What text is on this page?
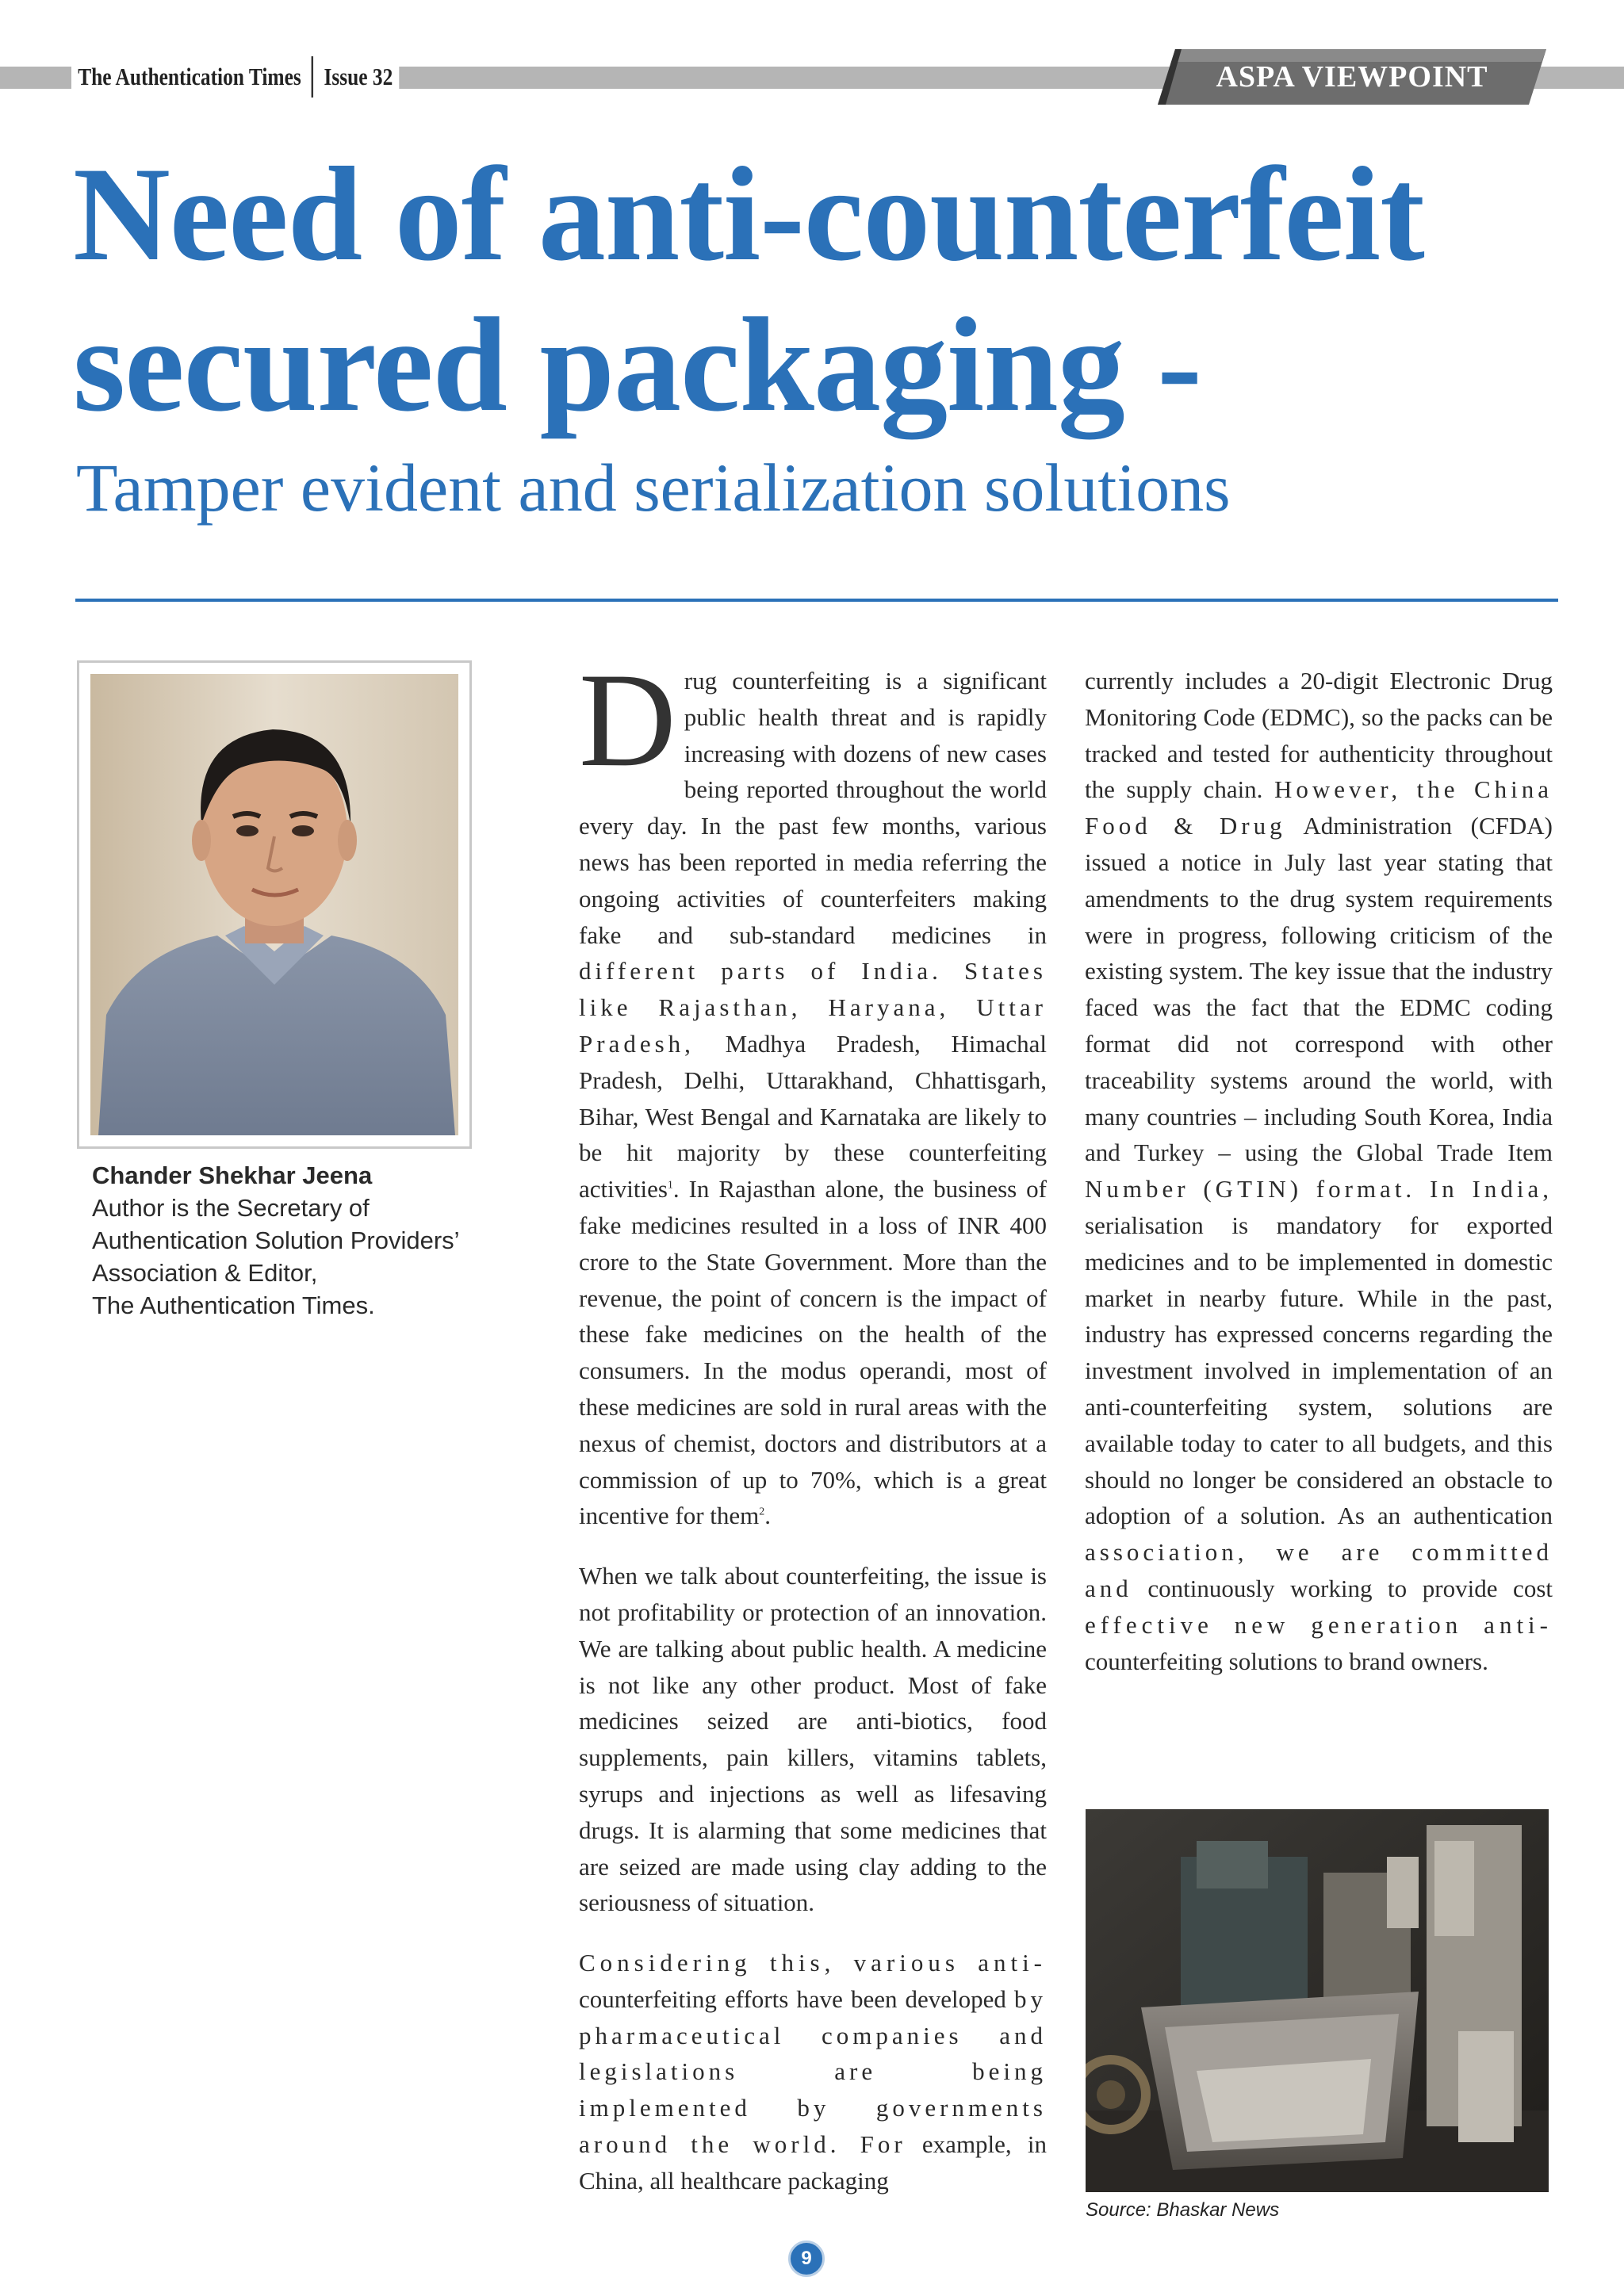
The Authentication Times Issue 32	ASPA VIEWPOINT
Need of anti-counterfeit
secured packaging -
Tamper evident and serialization solutions
Chander Shekhar Jeena
Author is the Secretary of
Authentication Solution Providers’
Association & Editor,
The Authentication Times.

Drug counterfeiting is a significant public health threat and is rapidly increasing with dozens of new cases being reported throughout the world every day. In the past few months, various news has been reported in media referring the ongoing activities of counterfeiters making fake and sub-standard medicines in different parts of India. States like Rajasthan, Haryana, Uttar Pradesh, Madhya Pradesh, Himachal Pradesh, Delhi, Uttarakhand, Chhattisgarh, Bihar, West Bengal and Karnataka are likely to be hit majority by these counterfeiting activities$^1$. In Rajasthan alone, the business of fake medicines resulted in a loss of INR 400 crore to the State Government. More than the revenue, the point of concern is the impact of these fake medicines on the health of the consumers. In the modus operandi, most of these medicines are sold in rural areas with the nexus of chemist, doctors and distributors at a commission of up to 70%, which is a great incentive for them$^2$.

When we talk about counterfeiting, the issue is not profitability or protection of an innovation. We are talking about public health. A medicine is not like any other product. Most of fake medicines seized are anti-biotics, food supplements, pain killers, vitamins tablets, syrups and injections as well as lifesaving drugs. It is alarming that some medicines that are seized are made using clay adding to the seriousness of situation.

Considering this, various anti- counterfeiting efforts have been developed by pharmaceutical companies and legislations are being implemented by governments around the world. For example, in China, all healthcare packaging

currently includes a 20-digit Electronic Drug Monitoring Code (EDMC), so the packs can be tracked and tested for authenticity throughout the supply chain. However, the China Food & Drug Administration (CFDA) issued a notice in July last year stating that amendments to the drug system requirements were in progress, following criticism of the existing system. The key issue that the industry faced was the fact that the EDMC coding format did not correspond with other traceability systems around the world, with many countries – including South Korea, India and Turkey – using the Global Trade Item Number (GTIN) format. In India, serialisation is mandatory for exported medicines and to be implemented in domestic market in nearby future. While in the past, industry has expressed concerns regarding the investment involved in implementation of an anti-counterfeiting system, solutions are available today to cater to all budgets, and this should no longer be considered an obstacle to adoption of a solution. As an authentication association, we are committed and continuously working to provide cost effective new generation anti- counterfeiting solutions to brand owners.

Source: Bhaskar News
9
